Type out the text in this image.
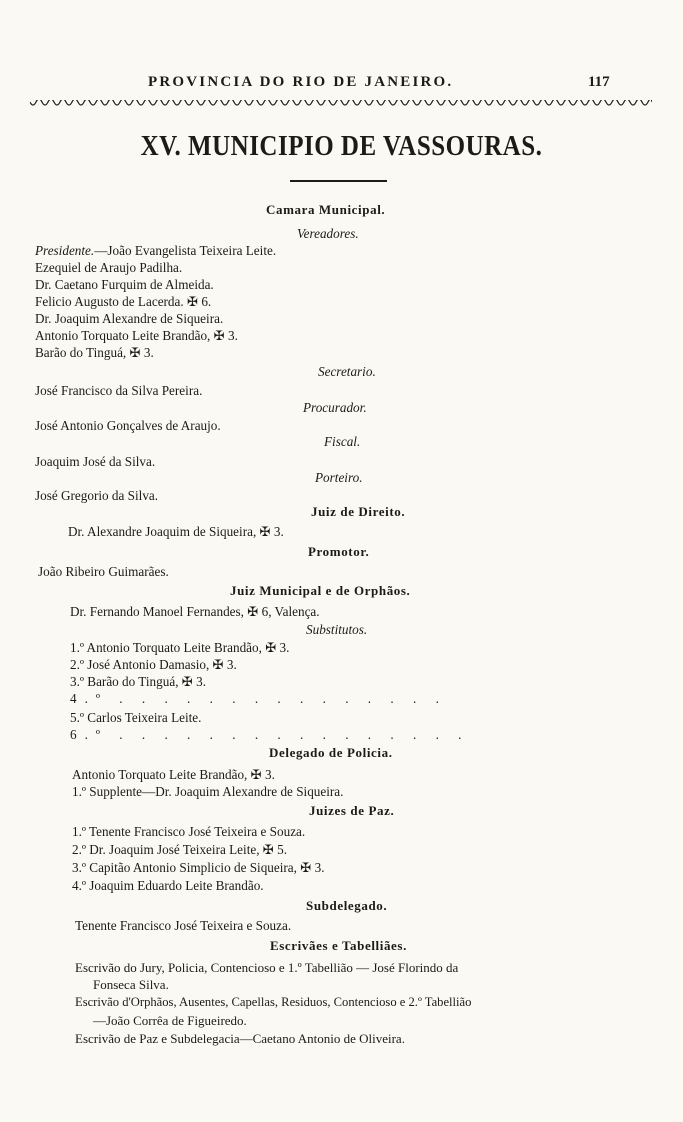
PROVINCIA DO RIO DE JANEIRO.	117
XV. MUNICIPIO DE VASSOURAS.
Camara Municipal.
Vereadores.
Presidente.—João Evangelista Teixeira Leite.
Ezequiel de Araujo Padilha.
Dr. Caetano Furquim de Almeida.
Felicio Augusto de Lacerda. ✠ 6.
Dr. Joaquim Alexandre de Siqueira.
Antonio Torquato Leite Brandão, ✠ 3.
Barão do Tinguá, ✠ 3.
Secretario.
José Francisco da Silva Pereira.
Procurador.
José Antonio Gonçalves de Araujo.
Fiscal.
Joaquim José da Silva.
Porteiro.
José Gregorio da Silva.
Juiz de Direito.
Dr. Alexandre Joaquim de Siqueira, ✠ 3.
Promotor.
João Ribeiro Guimarães.
Juiz Municipal e de Orphãos.
Dr. Fernando Manoel Fernandes, ✠ 6, Valença.
Substitutos.
1.º Antonio Torquato Leite Brandão, ✠ 3.
2.º José Antonio Damasio, ✠ 3.
3.º Barão do Tinguá, ✠ 3.
4.º . . . . . . . . . . . . . . .
5.º Carlos Teixeira Leite.
6.º . . . . . . . . . . . . . . . .
Delegado de Policia.
Antonio Torquato Leite Brandão, ✠ 3.
1.º Supplente—Dr. Joaquim Alexandre de Siqueira.
Juizes de Paz.
1.º Tenente Francisco José Teixeira e Souza.
2.º Dr. Joaquim José Teixeira Leite, ✠ 5.
3.º Capitão Antonio Simplicio de Siqueira, ✠ 3.
4.º Joaquim Eduardo Leite Brandão.
Subdelegado.
Tenente Francisco José Teixeira e Souza.
Escrivães e Tabelliães.
Escrivão do Jury, Policia, Contencioso e 1.º Tabellião — José Florindo da
Fonseca Silva.
Escrivão d'Orphãos, Ausentes, Capellas, Residuos, Contencioso e 2.º Tabellião
—João Corrêa de Figueiredo.
Escrivão de Paz e Subdelegacia—Caetano Antonio de Oliveira.
